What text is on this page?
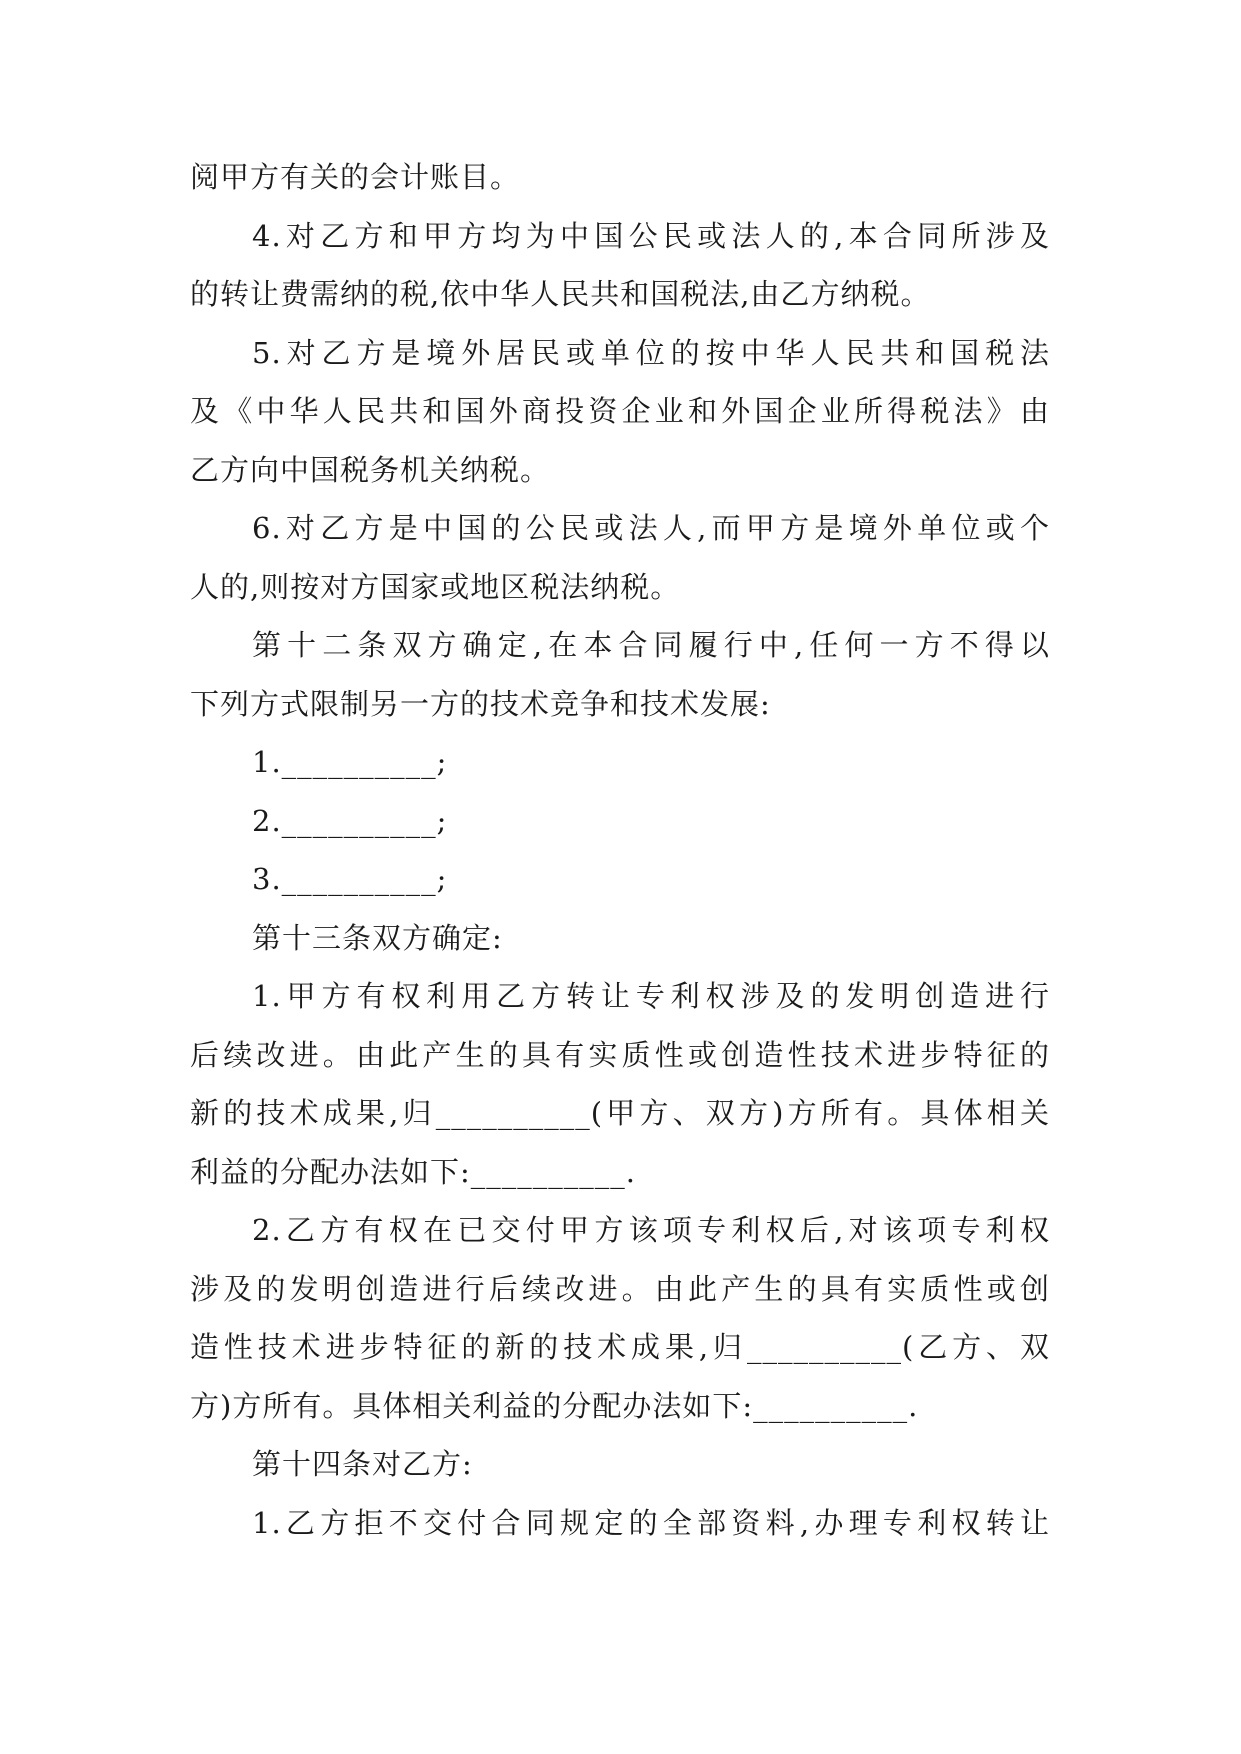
阅甲方有关的会计账目。
4.对乙方和甲方均为中国公民或法人的,本合同所涉及
的转让费需纳的税,依中华人民共和国税法,由乙方纳税。
5.对乙方是境外居民或单位的按中华人民共和国税法
及《中华人民共和国外商投资企业和外国企业所得税法》由
乙方向中国税务机关纳税。
6.对乙方是中国的公民或法人,而甲方是境外单位或个
人的,则按对方国家或地区税法纳税。
第十二条双方确定,在本合同履行中,任何一方不得以
下列方式限制另一方的技术竞争和技术发展:
1.__________;
2.__________;
3.__________;
第十三条双方确定:
1.甲方有权利用乙方转让专利权涉及的发明创造进行
后续改进。由此产生的具有实质性或创造性技术进步特征的
新的技术成果,归__________(甲方、双方)方所有。具体相关
利益的分配办法如下:__________.
2.乙方有权在已交付甲方该项专利权后,对该项专利权
涉及的发明创造进行后续改进。由此产生的具有实质性或创
造性技术进步特征的新的技术成果,归__________(乙方、双
方)方所有。具体相关利益的分配办法如下:__________.
第十四条对乙方:
1.乙方拒不交付合同规定的全部资料,办理专利权转让
